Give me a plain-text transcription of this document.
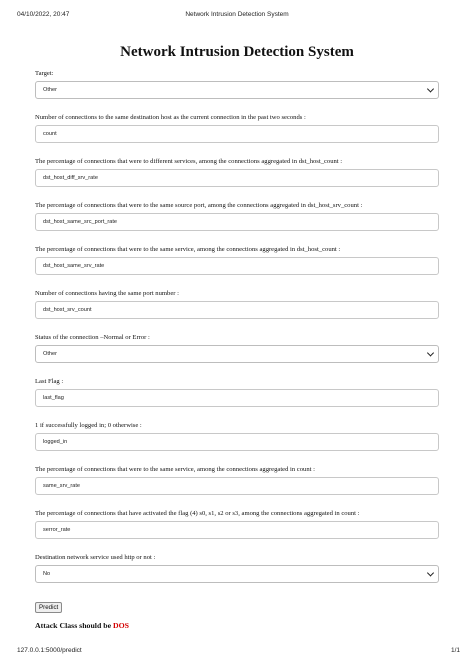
04/10/2022, 20:47	Network Intrusion Detection System
Network Intrusion Detection System
Target:
Other
Number of connections to the same destination host as the current connection in the past two seconds :
count
The percentage of connections that were to different services, among the connections aggregated in dst_host_count :
dst_host_diff_srv_rate
The percentage of connections that were to the same source port, among the connections aggregated in dst_host_srv_count :
dst_host_same_src_port_rate
The percentage of connections that were to the same service, among the connections aggregated in dst_host_count :
dst_host_same_srv_rate
Number of connections having the same port number :
dst_host_srv_count
Status of the connection –Normal or Error :
Other
Last Flag :
last_flag
1 if successfully logged in; 0 otherwise :
logged_in
The percentage of connections that were to the same service, among the connections aggregated in count :
same_srv_rate
The percentage of connections that have activated the flag (4) s0, s1, s2 or s3, among the connections aggregated in count :
serror_rate
Destination network service used http or not :
No
Predict
Attack Class should be DOS
127.0.0.1:5000/predict	1/1
